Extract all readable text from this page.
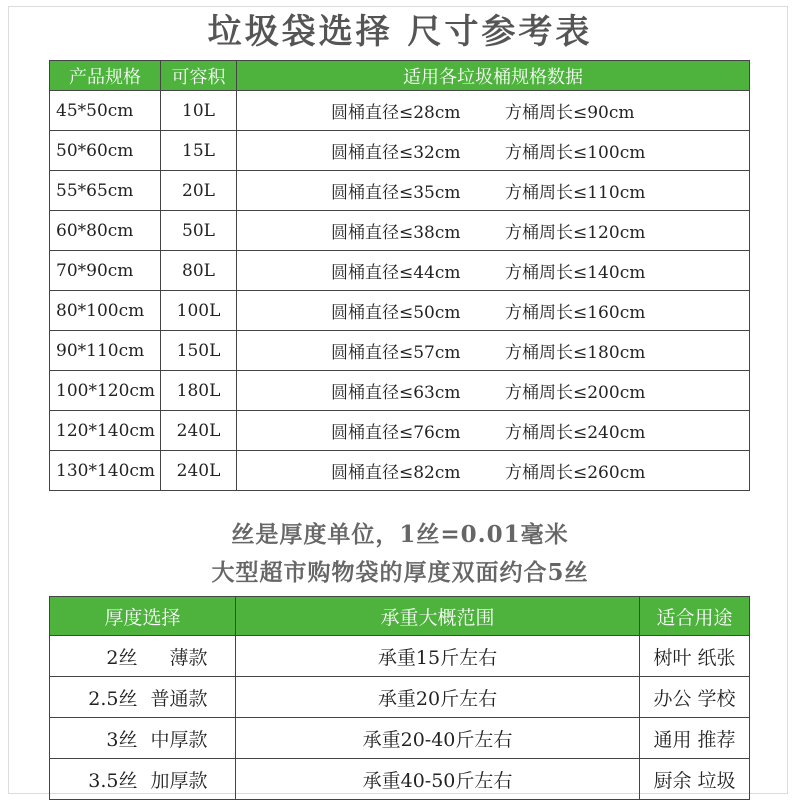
垃圾袋选择 尺寸参考表
产品规格	可容积	适用各垃圾桶规格数据
45*50cm	10L	圆桶直径≤28cm 方桶周长≤90cm
50*60cm	15L	圆桶直径≤32cm 方桶周长≤100cm
55*65cm	20L	圆桶直径≤35cm 方桶周长≤110cm
60*80cm	50L	圆桶直径≤38cm 方桶周长≤120cm
70*90cm	80L	圆桶直径≤44cm 方桶周长≤140cm
80*100cm	100L	圆桶直径≤50cm 方桶周长≤160cm
90*110cm	150L	圆桶直径≤57cm 方桶周长≤180cm
100*120cm	180L	圆桶直径≤63cm 方桶周长≤200cm
120*140cm	240L	圆桶直径≤76cm 方桶周长≤240cm
130*140cm	240L	圆桶直径≤82cm 方桶周长≤260cm
丝是厚度单位，1丝=0.01毫米
大型超市购物袋的厚度双面约合5丝
厚度选择	承重大概范围	适合用途
2丝 薄款	承重15斤左右	树叶 纸张
2.5丝 普通款	承重20斤左右	办公 学校
3丝 中厚款	承重20-40斤左右	通用 推荐
3.5丝 加厚款	承重40-50斤左右	厨余 垃圾
